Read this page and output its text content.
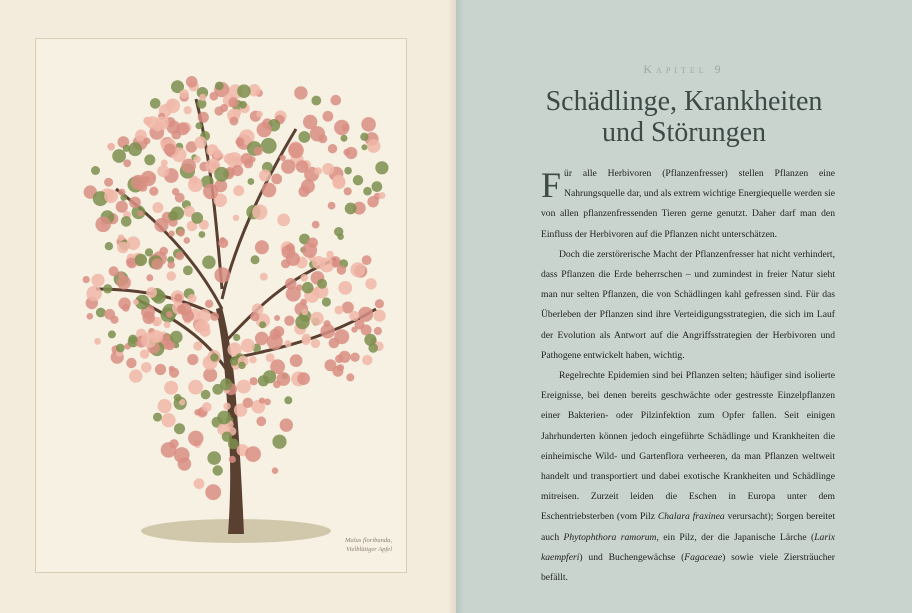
Malus floribunda,
Vielblütiger Apfel
Kapitel 9
Schädlinge, Krankheiten
und Störungen

Für alle Herbivoren (Pflanzenfresser) stellen Pflanzen eine Nahrungsquelle dar, und als extrem wichtige Energiequelle werden sie von allen pflanzenfressenden Tieren gerne genutzt. Daher darf man den Einfluss der Herbivoren auf die Pflanzen nicht unterschätzen.

Doch die zerstörerische Macht der Pflanzenfresser hat nicht verhindert, dass Pflanzen die Erde beherrschen – und zumindest in freier Natur sieht man nur selten Pflanzen, die von Schädlingen kahl gefressen sind. Für das Überleben der Pflanzen sind ihre Verteidigungsstrategien, die sich im Lauf der Evolution als Antwort auf die Angriffsstrategien der Herbivoren und Pathogene entwickelt haben, wichtig.

Regelrechte Epidemien sind bei Pflanzen selten; häufiger sind isolierte Ereignisse, bei denen bereits geschwächte oder gestresste Einzelpflanzen einer Bakterien- oder Pilzinfektion zum Opfer fallen. Seit einigen Jahrhunderten können jedoch eingeführte Schädlinge und Krankheiten die einheimische Wild- und Gartenflora verheeren, da man Pflanzen weltweit handelt und transportiert und dabei exotische Krankheiten und Schädlinge mitreisen. Zurzeit leiden die Eschen in Europa unter dem Eschentriebsterben (vom Pilz Chalara fraxinea verursacht); Sorgen bereitet auch Phytophthora ramorum, ein Pilz, der die Japanische Lärche (Larix kaempferi) und Buchengewächse (Fagaceae) sowie viele Ziersträucher befällt.
